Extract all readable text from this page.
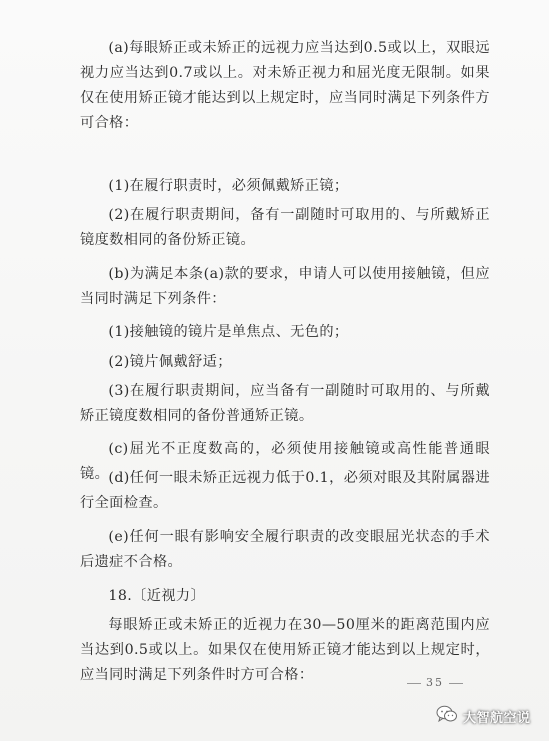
(a)每眼矫正或未矫正的远视力应当达到0.5或以上，双眼远视力应当达到0.7或以上。对未矫正视力和屈光度无限制。如果仅在使用矫正镜才能达到以上规定时，应当同时满足下列条件方可合格：

(1)在履行职责时，必须佩戴矫正镜；

(2)在履行职责期间，备有一副随时可取用的、与所戴矫正镜度数相同的备份矫正镜。

(b)为满足本条(a)款的要求，申请人可以使用接触镜，但应当同时满足下列条件：

(1)接触镜的镜片是单焦点、无色的；

(2)镜片佩戴舒适；

(3)在履行职责期间，应当备有一副随时可取用的、与所戴矫正镜度数相同的备份普通矫正镜。

(c)屈光不正度数高的，必须使用接触镜或高性能普通眼镜。 (d)任何一眼未矫正远视力低于0.1，必须对眼及其附属器进行全面检查。

(e)任何一眼有影响安全履行职责的改变眼屈光状态的手术后遗症不合格。

18.〔近视力〕

每眼矫正或未矫正的近视力在30—50厘米的距离范围内应当达到0.5或以上。如果仅在使用矫正镜才能达到以上规定时，应当同时满足下列条件时方可合格：	35
大智航空说
